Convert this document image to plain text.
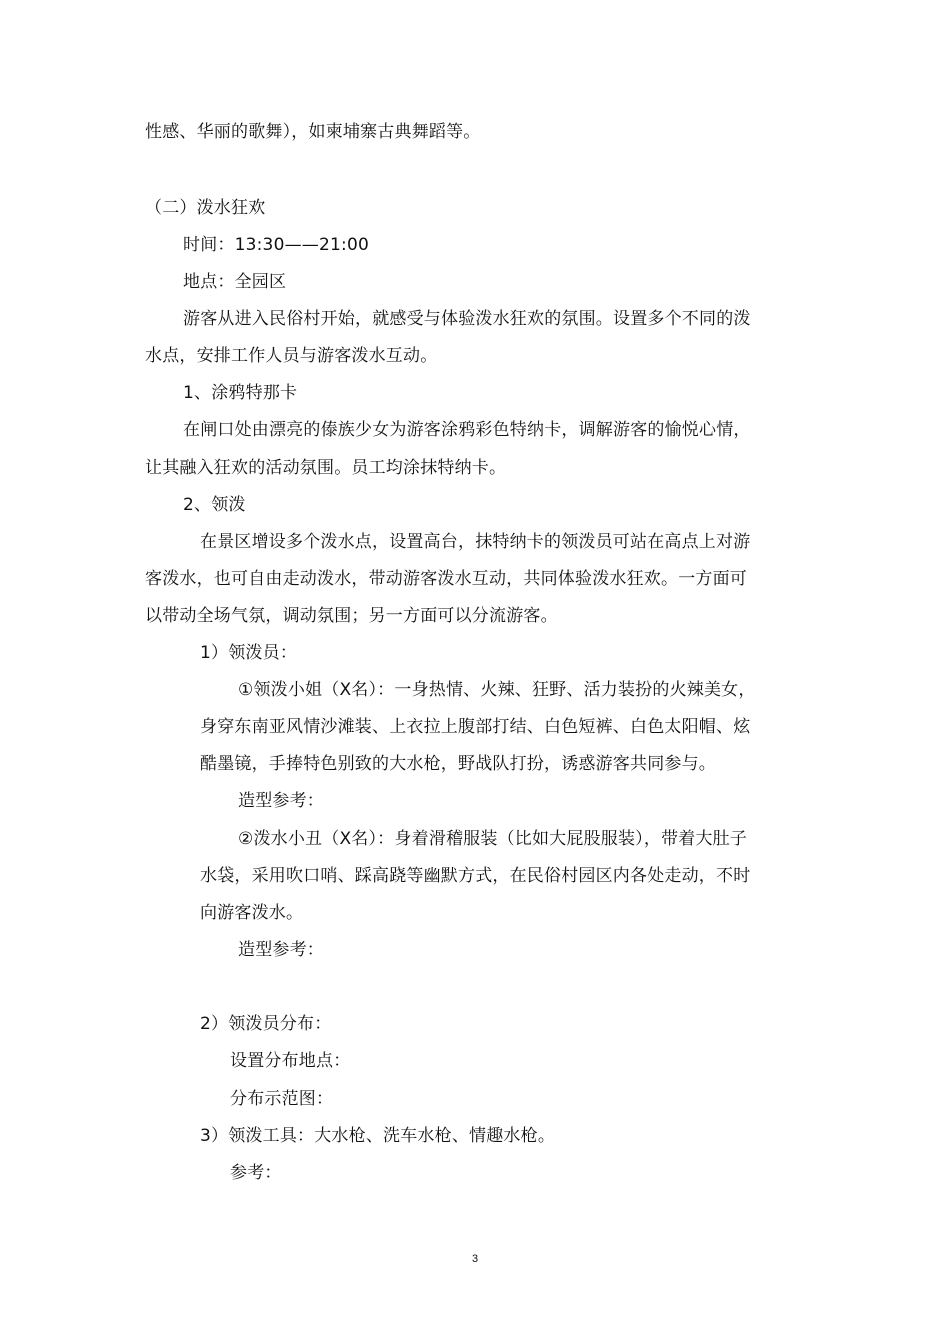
性感、华丽的歌舞），如柬埔寨古典舞蹈等。

（二）泼水狂欢

时间：13:30——21:00

地点：全园区

游客从进入民俗村开始，就感受与体验泼水狂欢的氛围。设置多个不同的泼

水点，安排工作人员与游客泼水互动。

1、涂鸦特那卡

在闸口处由漂亮的傣族少女为游客涂鸦彩色特纳卡，调解游客的愉悦心情，

让其融入狂欢的活动氛围。员工均涂抹特纳卡。

2、领泼

在景区增设多个泼水点，设置高台，抹特纳卡的领泼员可站在高点上对游

客泼水，也可自由走动泼水，带动游客泼水互动，共同体验泼水狂欢。一方面可

以带动全场气氛，调动氛围；另一方面可以分流游客。

1）领泼员：

①领泼小姐（X名）：一身热情、火辣、狂野、活力装扮的火辣美女，

身穿东南亚风情沙滩装、上衣拉上腹部打结、白色短裤、白色太阳帽、炫

酷墨镜，手捧特色别致的大水枪，野战队打扮，诱惑游客共同参与。

造型参考：

②泼水小丑（X名）：身着滑稽服装（比如大屁股服装），带着大肚子

水袋，采用吹口哨、踩高跷等幽默方式，在民俗村园区内各处走动，不时

向游客泼水。

造型参考：

2）领泼员分布：

设置分布地点：

分布示范图：

3）领泼工具：大水枪、洗车水枪、情趣水枪。

参考：

3
